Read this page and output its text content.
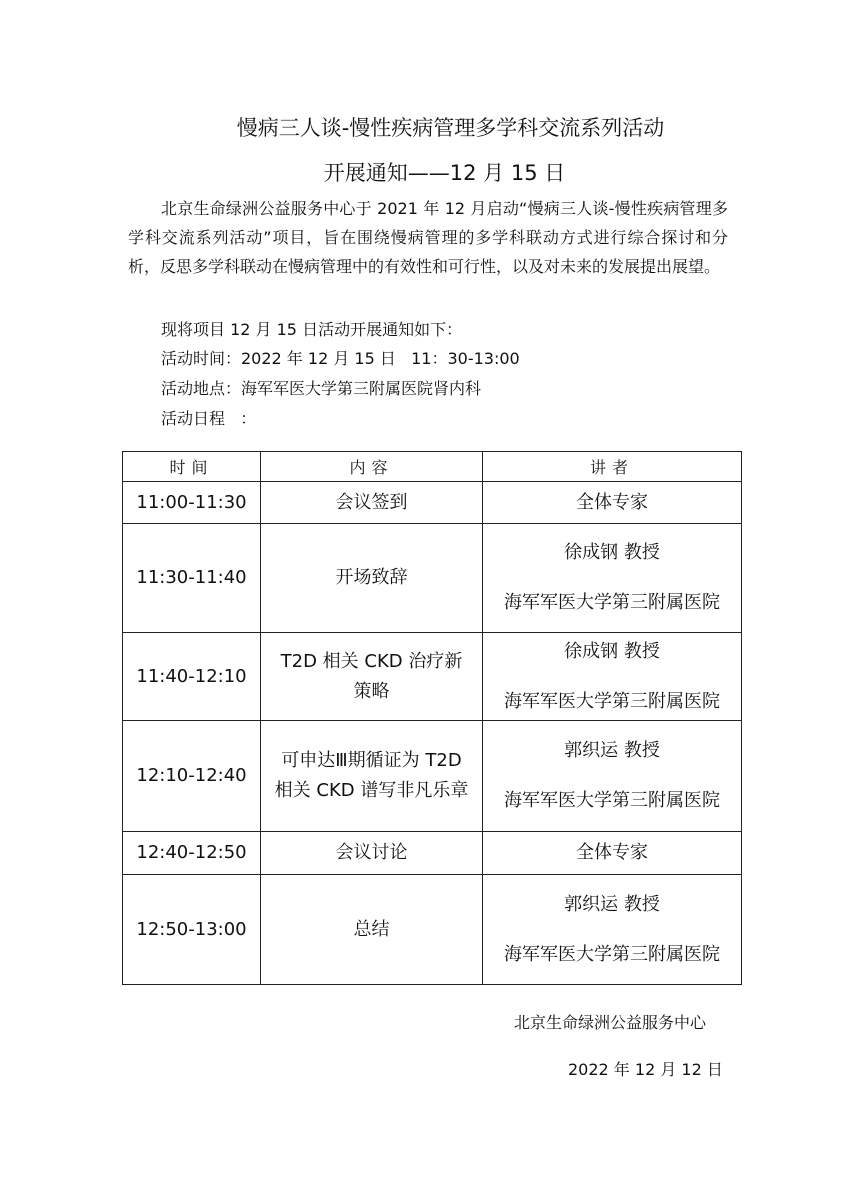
慢病三人谈-慢性疾病管理多学科交流系列活动
开展通知——12 月 15 日
北京生命绿洲公益服务中心于 2021 年 12 月启动“慢病三人谈-慢性疾病管理多学科交流系列活动”项目，旨在围绕慢病管理的多学科联动方式进行综合探讨和分析，反思多学科联动在慢病管理中的有效性和可行性，以及对未来的发展提出展望。
现将项目 12 月 15 日活动开展通知如下：
活动时间：2022 年 12 月 15 日   11：30-13:00
活动地点：海军军医大学第三附属医院肾内科
活动日程   ：
时间	内容	讲者
11:00-11:30	会议签到	全体专家
11:30-11:40	开场致辞	徐成钢 教授
海军军医大学第三附属医院

11:40-12:10	T2D 相关 CKD 治疗新策略	徐成钢 教授
海军军医大学第三附属医院

12:10-12:40	可申达Ⅲ期循证为 T2D 相关 CKD 谱写非凡乐章	郭织运 教授
海军军医大学第三附属医院

12:40-12:50	会议讨论	全体专家
12:50-13:00	总结	郭织运 教授
海军军医大学第三附属医院
北京生命绿洲公益服务中心
2022 年 12 月 12 日
